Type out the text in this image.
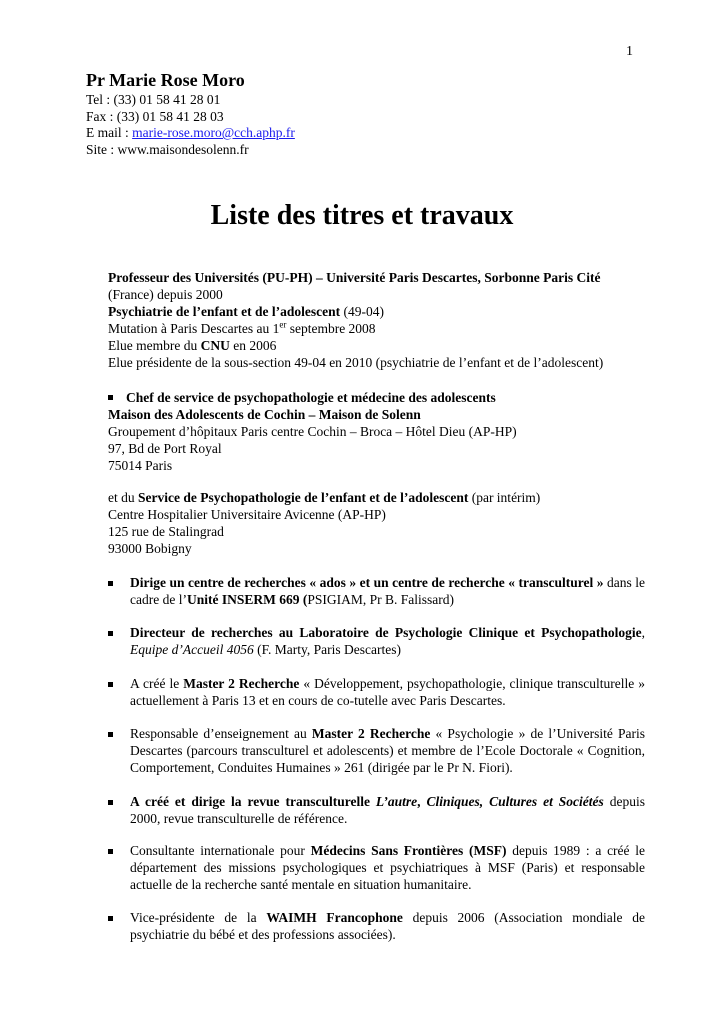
1
Pr Marie Rose Moro
Tel : (33) 01 58 41 28 01
Fax : (33) 01 58 41 28 03
E mail : marie-rose.moro@cch.aphp.fr
Site : www.maisondesolenn.fr
Liste des titres et travaux

Professeur des Universités (PU-PH) – Université Paris Descartes, Sorbonne Paris Cité

(France) depuis 2000

Psychiatrie de l’enfant et de l’adolescent (49-04)

Mutation à Paris Descartes au 1er septembre 2008

Elue membre du CNU en 2006

Elue présidente de la sous-section 49-04 en 2010 (psychiatrie de l’enfant et de l’adolescent)

Chef de service de psychopathologie et médecine des adolescents

Maison des Adolescents de Cochin – Maison de Solenn

Groupement d’hôpitaux Paris centre Cochin – Broca – Hôtel Dieu (AP-HP)

97, Bd de Port Royal

75014 Paris

et du Service de Psychopathologie de l’enfant et de l’adolescent (par intérim)

Centre Hospitalier Universitaire Avicenne (AP-HP)

125 rue de Stalingrad

93000 Bobigny

Dirige un centre de recherches « ados » et un centre de recherche « transculturel » dans le cadre de l’Unité INSERM 669 (PSIGIAM, Pr B. Falissard)
Directeur de recherches au Laboratoire de Psychologie Clinique et Psychopathologie, Equipe d’Accueil 4056 (F. Marty, Paris Descartes)
A créé le Master 2 Recherche « Développement, psychopathologie, clinique transculturelle » actuellement à Paris 13 et en cours de co-tutelle avec Paris Descartes.
Responsable d’enseignement au Master 2 Recherche « Psychologie » de l’Université Paris Descartes (parcours transculturel et adolescents) et membre de l’Ecole Doctorale « Cognition, Comportement, Conduites Humaines » 261 (dirigée par le Pr N. Fiori).
A créé et dirige la revue transculturelle L’autre, Cliniques, Cultures et Sociétés depuis 2000, revue transculturelle de référence.
Consultante internationale pour Médecins Sans Frontières (MSF) depuis 1989 : a créé le département des missions psychologiques et psychiatriques à MSF (Paris) et responsable actuelle de la recherche santé mentale en situation humanitaire.
Vice-présidente de la WAIMH Francophone depuis 2006 (Association mondiale de psychiatrie du bébé et des professions associées).
